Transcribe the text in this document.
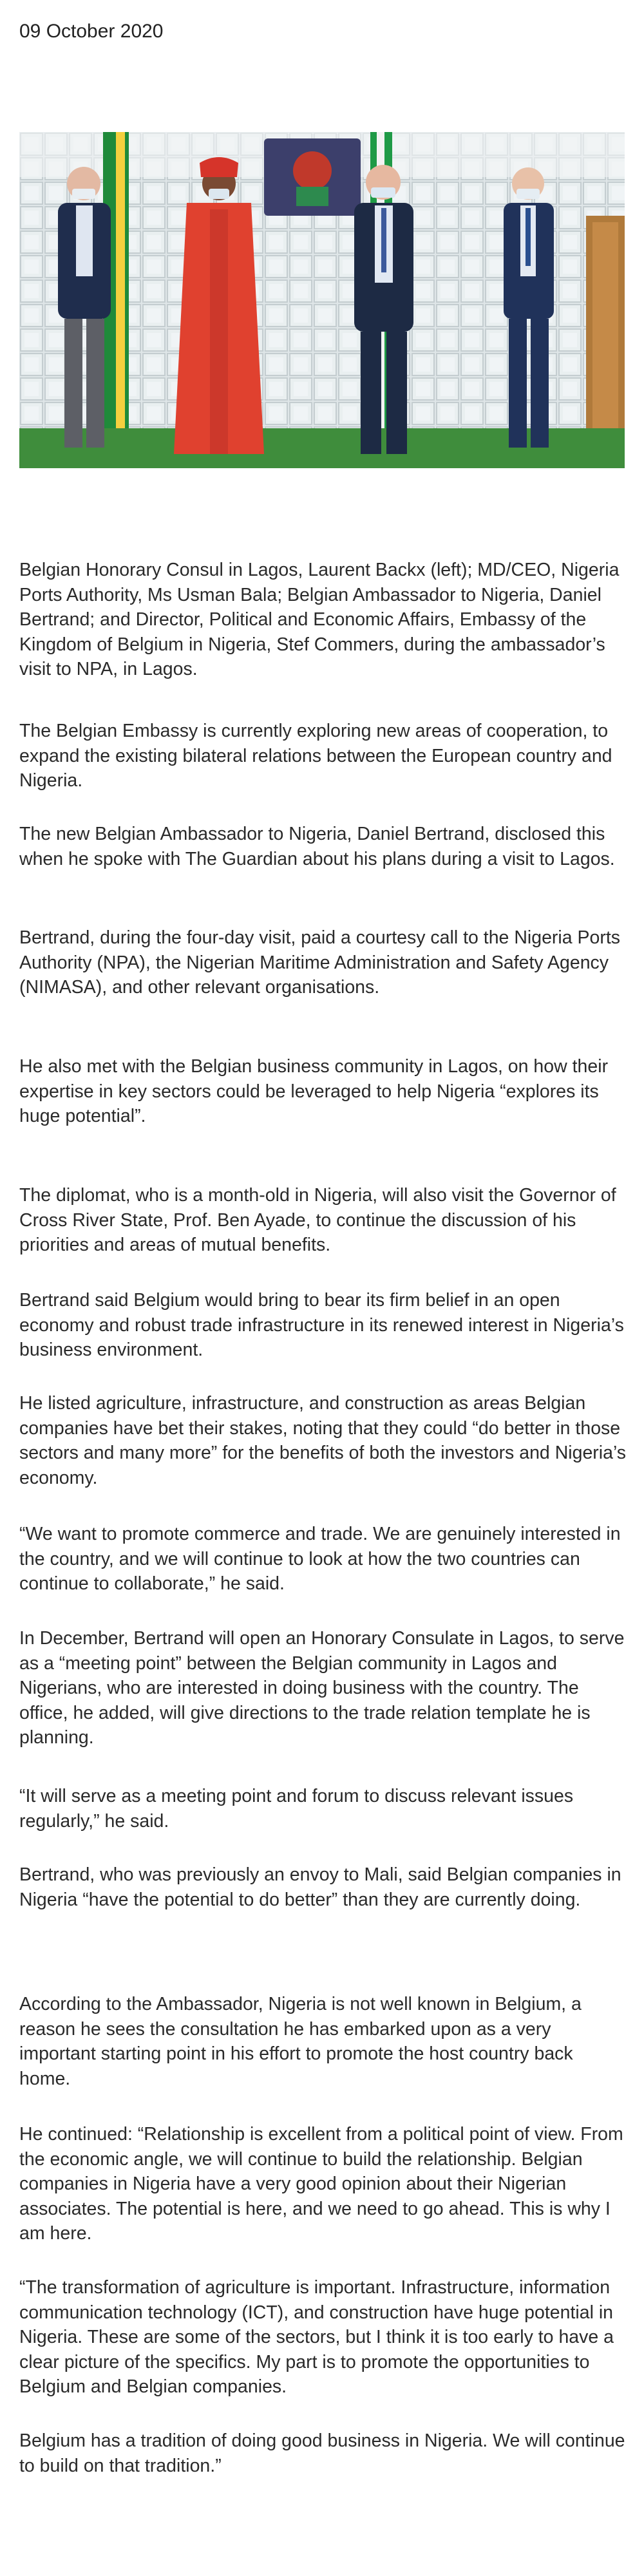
09 October 2020
Belgian Honorary Consul in Lagos, Laurent Backx (left); MD/CEO, Nigeria Ports Authority, Ms Usman Bala; Belgian Ambassador to Nigeria, Daniel Bertrand; and Director, Political and Economic Affairs, Embassy of the Kingdom of Belgium in Nigeria, Stef Commers, during the ambassador’s visit to NPA, in Lagos.

The Belgian Embassy is currently exploring new areas of cooperation, to expand the existing bilateral relations between the European country and Nigeria.

The new Belgian Ambassador to Nigeria, Daniel Bertrand, disclosed this when he spoke with The Guardian about his plans during a visit to Lagos.

Bertrand, during the four-day visit, paid a courtesy call to the Nigeria Ports Authority (NPA), the Nigerian Maritime Administration and Safety Agency (NIMASA), and other relevant organisations.

He also met with the Belgian business community in Lagos, on how their expertise in key sectors could be leveraged to help Nigeria “explores its huge potential”.

The diplomat, who is a month-old in Nigeria, will also visit the Governor of Cross River State, Prof. Ben Ayade, to continue the discussion of his priorities and areas of mutual benefits.

Bertrand said Belgium would bring to bear its firm belief in an open economy and robust trade infrastructure in its renewed interest in Nigeria’s business environment.

He listed agriculture, infrastructure, and construction as areas Belgian companies have bet their stakes, noting that they could “do better in those sectors and many more” for the benefits of both the investors and Nigeria’s economy.

“We want to promote commerce and trade. We are genuinely interested in the country, and we will continue to look at how the two countries can continue to collaborate,” he said.

In December, Bertrand will open an Honorary Consulate in Lagos, to serve as a “meeting point” between the Belgian community in Lagos and Nigerians, who are interested in doing business with the country. The office, he added, will give directions to the trade relation template he is planning.

“It will serve as a meeting point and forum to discuss relevant issues regularly,” he said.

Bertrand, who was previously an envoy to Mali, said Belgian companies in Nigeria “have the potential to do better” than they are currently doing.

According to the Ambassador, Nigeria is not well known in Belgium, a reason he sees the consultation he has embarked upon as a very important starting point in his effort to promote the host country back home.

He continued: “Relationship is excellent from a political point of view. From the economic angle, we will continue to build the relationship. Belgian companies in Nigeria have a very good opinion about their Nigerian associates. The potential is here, and we need to go ahead. This is why I am here.

“The transformation of agriculture is important. Infrastructure, information communication technology (ICT), and construction have huge potential in Nigeria. These are some of the sectors, but I think it is too early to have a clear picture of the specifics. My part is to promote the opportunities to Belgium and Belgian companies.

Belgium has a tradition of doing good business in Nigeria. We will continue to build on that tradition.”
